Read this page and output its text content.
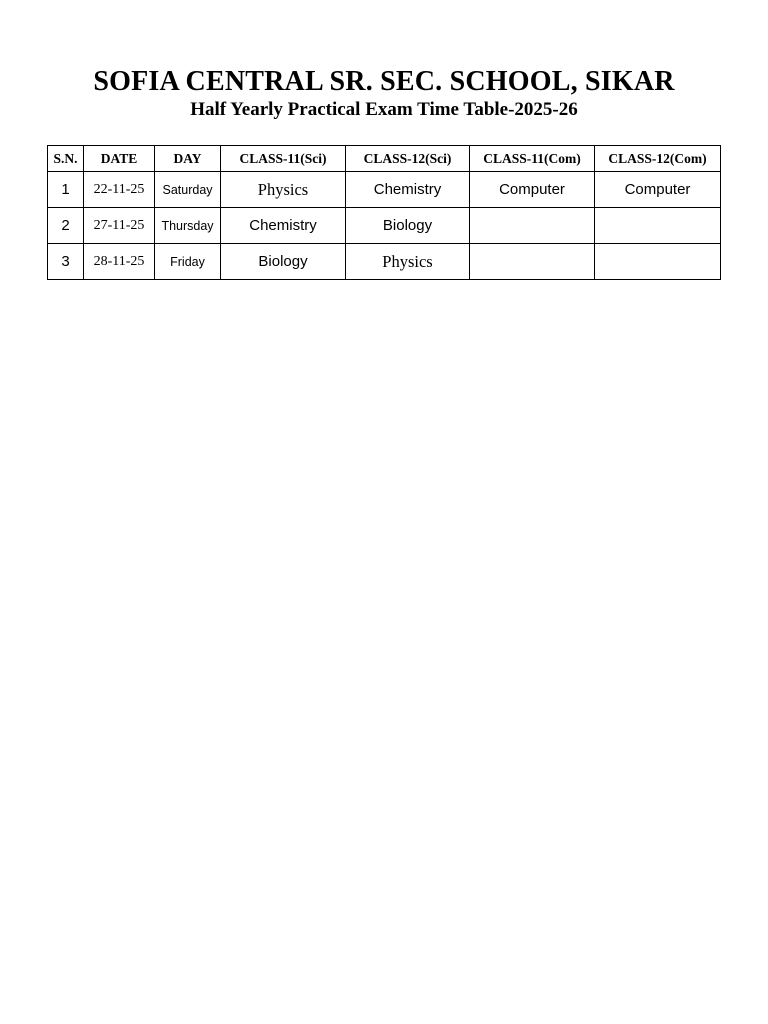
SOFIA CENTRAL SR. SEC. SCHOOL, SIKAR
Half Yearly Practical Exam Time Table-2025-26
S.N.	DATE	DAY	CLASS-11(Sci)	CLASS-12(Sci)	CLASS-11(Com)	CLASS-12(Com)
1	22-11-25	Saturday	Physics	Chemistry	Computer	Computer
2	27-11-25	Thursday	Chemistry	Biology		
3	28-11-25	Friday	Biology	Physics		
